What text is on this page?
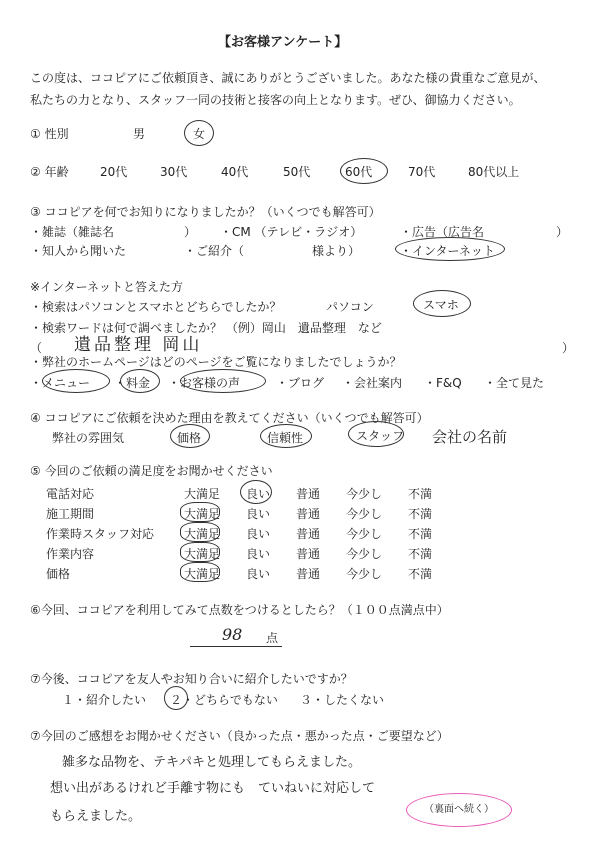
【お客様アンケート】
この度は、ココピアにご依頼頂き、誠にありがとうございました。あなた様の貴重なご意見が、
私たちの力となり、スタッフ一同の技術と接客の向上となります。ぜひ、御協力ください。
① 性別	男	女
② 年齢	20代	30代	40代	50代	60代	70代	80代以上
③ ココピアを何でお知りになりましたか？（いくつでも解答可）
・雑誌（雑誌名	） ・CM （テレビ・ラジオ）	・広告（広告名	）
・知人から聞いた	・ご紹介（	様より）	・インターネット
※インターネットと答えた方
・検索はパソコンとスマホとどちらでしたか？	パソコン	スマホ
・検索ワードは何で調べましたか？ （例）岡山　遺品整理　など
（ 遺品整理 岡山	）
・弊社のホームページはどのページをご覧になりましたでしょうか？
・メニュー ・料金 ・お客様の声	・ブログ ・会社案内 ・F&Q ・全て見た
④ ココピアにご依頼を決めた理由を教えてください（いくつでも解答可）
弊社の雰囲気	価格	信頼性	スタッフ 会社の名前
⑤ 今回のご依頼の満足度をお聞かせください
電話対応	大満足 良い 普通 今少し 不満
施工期間	大満足 良い 普通 今少し 不満
作業時スタッフ対応 大満足 良い 普通 今少し 不満
作業内容	大満足 良い 普通 今少し 不満
価格	大満足 良い 普通 今少し 不満
⑥今回、ココピアを利用してみて点数をつけるとしたら？（１００点満点中）
98 点
⑦今後、ココピアを友人やお知り合いに紹介したいですか？
１・紹介したい ２・どちらでもない ３・したくない
⑦今回のご感想をお聞かせください（良かった点・悪かった点・ご要望など）
雑多な品物を、テキパキと処理してもらえました。
想い出があるけれど手離す物にも　ていねいに対応して
もらえました。	（裏面へ続く）
